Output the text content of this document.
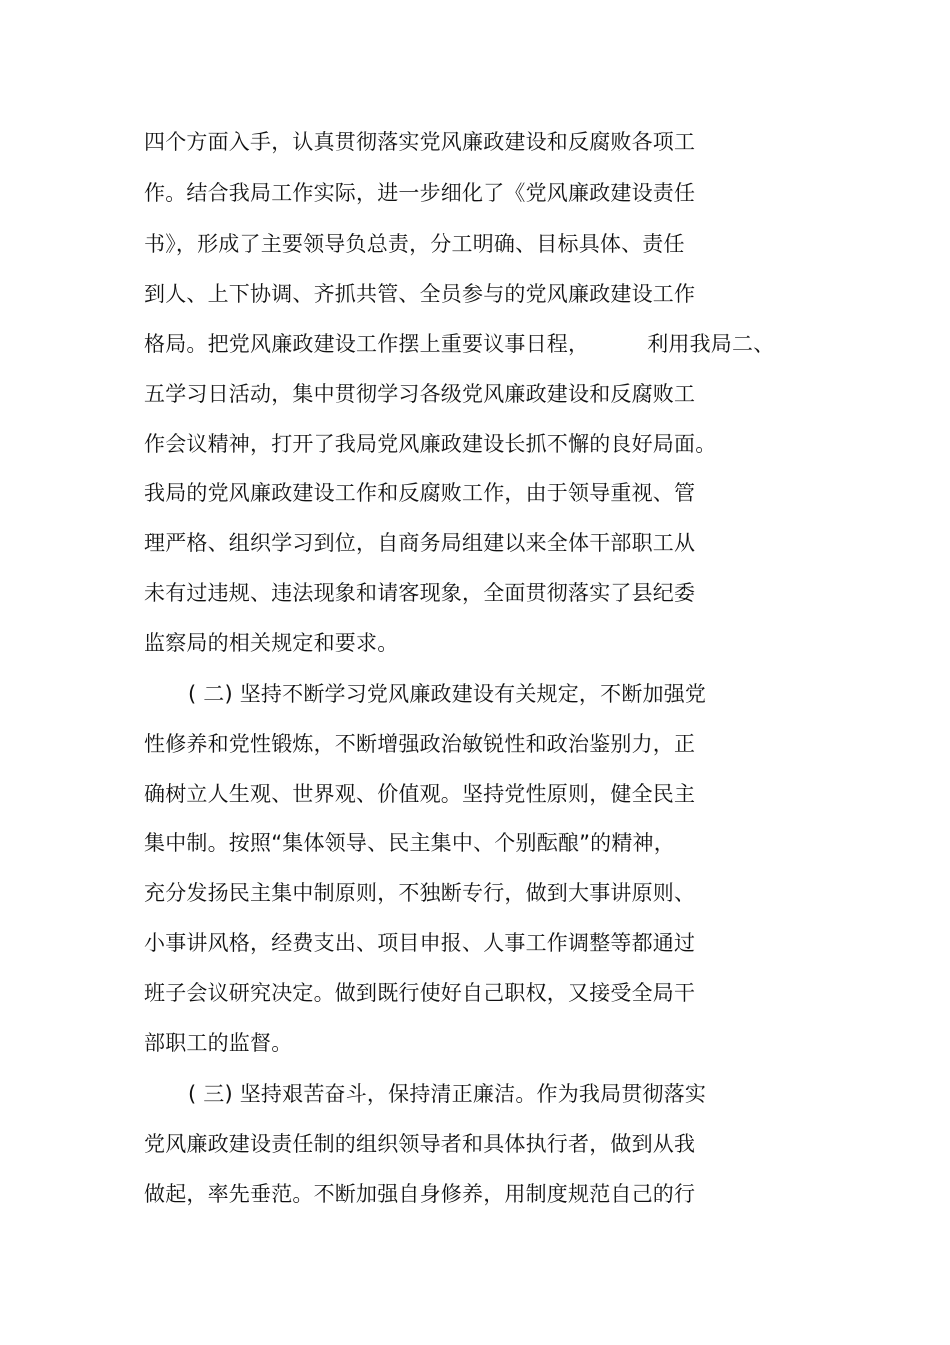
四个方面入手，认真贯彻落实党风廉政建设和反腐败各项工
作。结合我局工作实际，进一步细化了《党风廉政建设责任
书》，形成了主要领导负总责，分工明确、目标具体、责任
到人、上下协调、齐抓共管、全员参与的党风廉政建设工作
格局。把党风廉政建设工作摆上重要议事日程，	利用我局二、
五学习日活动，集中贯彻学习各级党风廉政建设和反腐败工
作会议精神，打开了我局党风廉政建设长抓不懈的良好局面。
我局的党风廉政建设工作和反腐败工作，由于领导重视、管
理严格、组织学习到位，自商务局组建以来全体干部职工从
未有过违规、违法现象和请客现象，全面贯彻落实了县纪委
监察局的相关规定和要求。
( 二) 坚持不断学习党风廉政建设有关规定，不断加强党
性修养和党性锻炼，不断增强政治敏锐性和政治鉴别力，正
确树立人生观、世界观、价值观。坚持党性原则，健全民主
集中制。按照“集体领导、民主集中、个别酝酿”的精神，
充分发扬民主集中制原则，不独断专行，做到大事讲原则、
小事讲风格，经费支出、项目申报、人事工作调整等都通过
班子会议研究决定。做到既行使好自己职权，又接受全局干
部职工的监督。
( 三) 坚持艰苦奋斗，保持清正廉洁。作为我局贯彻落实
党风廉政建设责任制的组织领导者和具体执行者，做到从我
做起，率先垂范。不断加强自身修养，用制度规范自己的行
